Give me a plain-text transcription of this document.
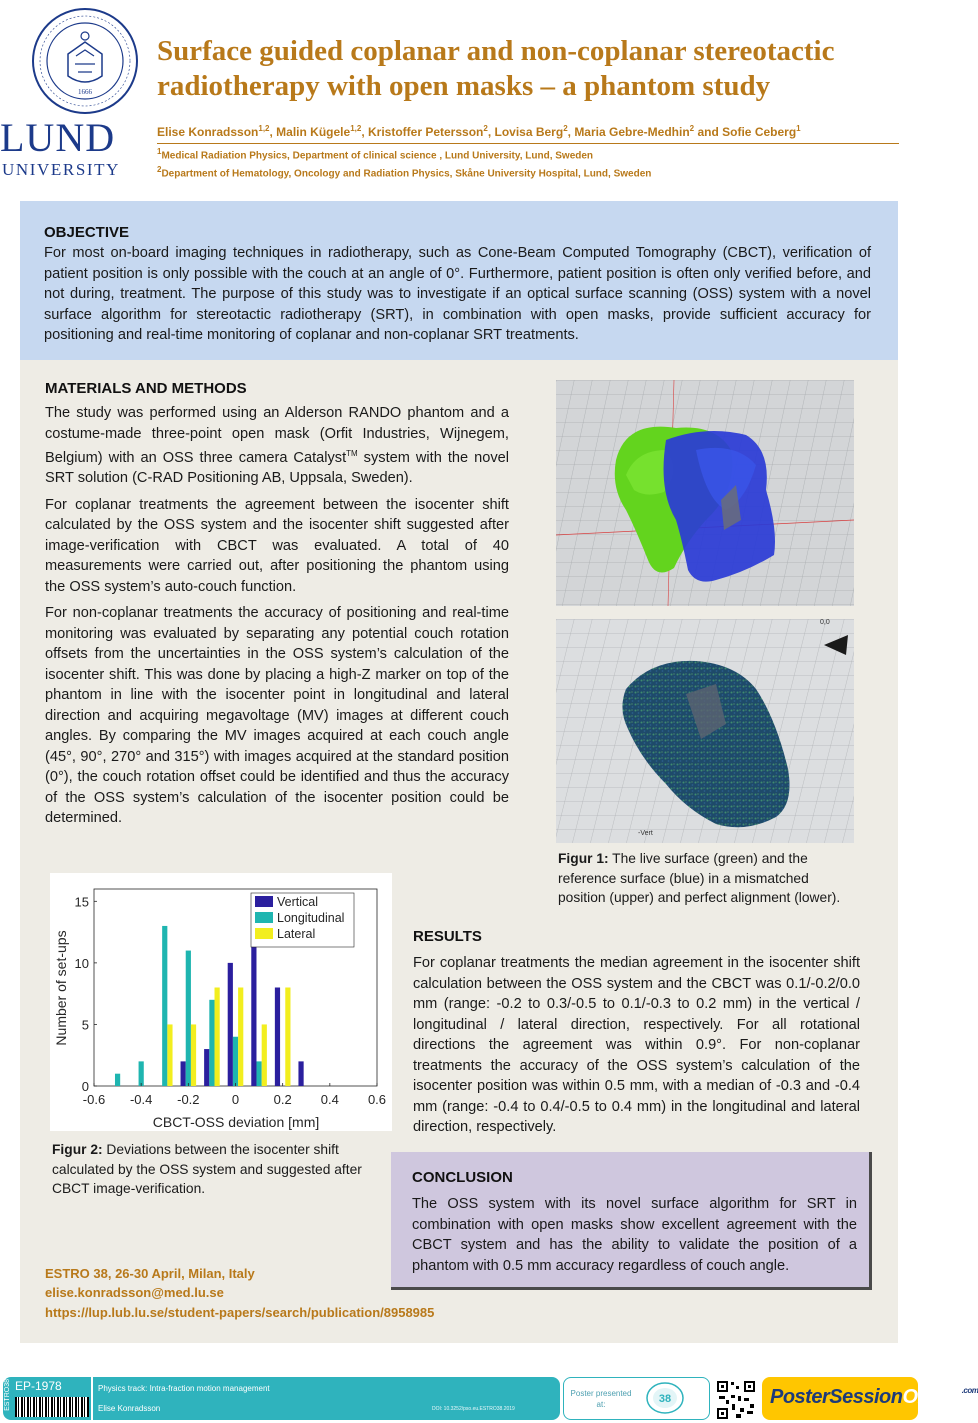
1666
LUND
UNIVERSITY
Surface guided coplanar and non-coplanar stereotactic
radiotherapy with open masks – a phantom study
Elise Konradsson$^{1,2}$, Malin Kügele$^{1,2}$, Kristoffer Petersson$^2$, Lovisa Berg$^2$, Maria Gebre-Medhin$^2$ and Sofie Ceberg$^1$
$^1$Medical Radiation Physics, Department of clinical science , Lund University, Lund, Sweden
$^2$Department of Hematology, Oncology and Radiation Physics, Skåne University Hospital, Lund, Sweden
OBJECTIVE
For most on-board imaging techniques in radiotherapy, such as Cone-Beam Computed Tomography (CBCT), verification of patient position is only possible with the couch at an angle of 0°. Furthermore, patient position is often only verified before, and not during, treatment. The purpose of this study was to investigate if an optical surface scanning (OSS) system with a novel surface algorithm for stereotactic radiotherapy (SRT), in combination with open masks, provide sufficient accuracy for positioning and real-time monitoring of coplanar and non-coplanar SRT treatments.
MATERIALS AND METHODS

The study was performed using an Alderson RANDO phantom and a costume-made three-point open mask (Orfit Industries, Wijnegem, Belgium) with an OSS three camera Catalyst™ system with the novel SRT solution (C-RAD Positioning AB, Uppsala, Sweden).

For coplanar treatments the agreement between the isocenter shift calculated by the OSS system and the isocenter shift suggested after image-verification with CBCT was evaluated. A total of 40 measurements were carried out, after positioning the phantom using the OSS system’s auto-couch function.

For non-coplanar treatments the accuracy of positioning and real-time monitoring was evaluated by separating any potential couch rotation offsets from the uncertainties in the OSS system’s calculation of the isocenter shift. This was done by placing a high-Z marker on top of the phantom in line with the isocenter point in longitudinal and lateral direction and acquiring megavoltage (MV) images at different couch angles. By comparing the MV images acquired at each couch angle (45°, 90°, 270° and 315°) with images acquired at the standard position (0°), the couch rotation offset could be identified and thus the accuracy of the OSS system’s calculation of the isocenter position could be determined.

-Vert
0,0
Figur 1: The live surface (green) and the reference surface (blue) in a mismatched position (upper) and perfect alignment (lower).
-0.6 -0.4 -0.2 0	0.2 0.4 0.6
0
5
10
15	Vertical
Longitudinal
Lateral
CBCT-OSS deviation [mm]
Number of set-ups
Figur 2: Deviations between the isocenter shift calculated by the OSS system and suggested after CBCT image-verification.
RESULTS
For coplanar treatments the median agreement in the isocenter shift calculation between the OSS system and the CBCT was 0.1/-0.2/0.0 mm (range: -0.2 to 0.3/-0.5 to 0.1/-0.3 to 0.2 mm) in the vertical / longitudinal / lateral direction, respectively. For all rotational directions the agreement was within 0.9°. For non-coplanar treatments the accuracy of the OSS system’s calculation of the isocenter position was within 0.5 mm, with a median of -0.3 and -0.4 mm (range: -0.4 to 0.4/-0.5 to 0.4 mm) in the longitudinal and lateral direction, respectively.
CONCLUSION
The OSS system with its novel surface algorithm for SRT in combination with open masks show excellent agreement with the CBCT system and has the ability to validate the position of a phantom with 0.5 mm accuracy regardless of couch angle.
ESTRO 38, 26-30 April, Milan, Italy
elise.konradsson@med.lu.se
https://lup.lub.lu.se/student-papers/search/publication/8958985
ESTRO38 EP-1978	Physics track: Intra-fraction motion management
Elise Konradsson	DOI: 10.3252/pso.eu.ESTRO38.2019
Poster presented at:	38	PosterSessionOnline$^{.com}$
